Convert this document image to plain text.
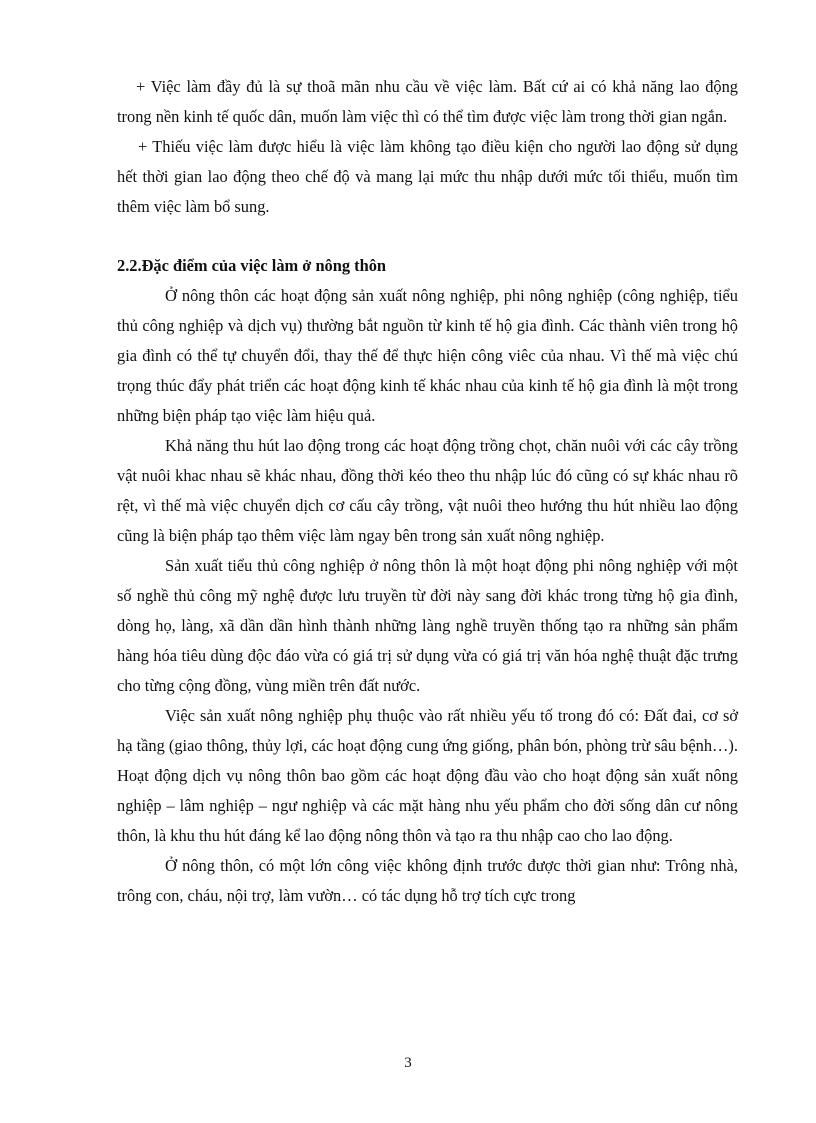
+ Việc làm đầy đủ là sự thoã mãn nhu cầu về việc làm. Bất cứ ai có khả năng lao động trong nền kinh tế quốc dân, muốn làm việc thì có thể tìm được việc làm trong thời gian ngắn.

+ Thiếu việc làm được hiểu là việc làm không tạo điều kiện cho người lao động sử dụng hết thời gian lao động theo chế độ và mang lại mức thu nhập dưới mức tối thiểu, muốn tìm thêm việc làm bổ sung.

2.2.Đặc điểm của việc làm ở nông thôn

Ở nông thôn các hoạt động sản xuất nông nghiệp, phi nông nghiệp (công nghiệp, tiểu thủ công nghiệp và dịch vụ) thường bắt nguồn từ kinh tế hộ gia đình. Các thành viên trong hộ gia đình có thể tự chuyển đổi, thay thế để thực hiện công viêc của nhau. Vì thế mà việc chú trọng thúc đẩy phát triển các hoạt động kinh tế khác nhau của kinh tế hộ gia đình là một trong những biện pháp tạo việc làm hiệu quả.

Khả năng thu hút lao động trong các hoạt động trồng chọt, chăn nuôi với các cây trồng vật nuôi khac nhau sẽ khác nhau, đồng thời kéo theo thu nhập lúc đó cũng có sự khác nhau rõ rệt, vì thế mà việc chuyển dịch cơ cấu cây trồng, vật nuôi theo hướng thu hút nhiều lao động cũng là biện pháp tạo thêm việc làm ngay bên trong sản xuất nông nghiệp.

Sản xuất tiểu thủ công nghiệp ở nông thôn là một hoạt động phi nông nghiệp với một số nghề thủ công mỹ nghệ được lưu truyền từ đời này sang đời khác trong từng hộ gia đình, dòng họ, làng, xã dần dần hình thành những làng nghề truyền thống tạo ra những sản phẩm hàng hóa tiêu dùng độc đáo vừa có giá trị sử dụng vừa có giá trị văn hóa nghệ thuật đặc trưng cho từng cộng đồng, vùng miền trên đất nước.

Việc sản xuất nông nghiệp phụ thuộc vào rất nhiều yếu tố trong đó có: Đất đai, cơ sở hạ tầng (giao thông, thủy lợi, các hoạt động cung ứng giống, phân bón, phòng trừ sâu bệnh…). Hoạt động dịch vụ nông thôn bao gồm các hoạt động đầu vào cho hoạt động sản xuất nông nghiệp – lâm nghiệp – ngư nghiệp và các mặt hàng nhu yếu phẩm cho đời sống dân cư nông thôn, là khu thu hút đáng kể lao động nông thôn và tạo ra thu nhập cao cho lao động.

Ở nông thôn, có một lớn công việc không định trước được thời gian như: Trông nhà, trông con, cháu, nội trợ, làm vườn… có tác dụng hỗ trợ tích cực trong

3
